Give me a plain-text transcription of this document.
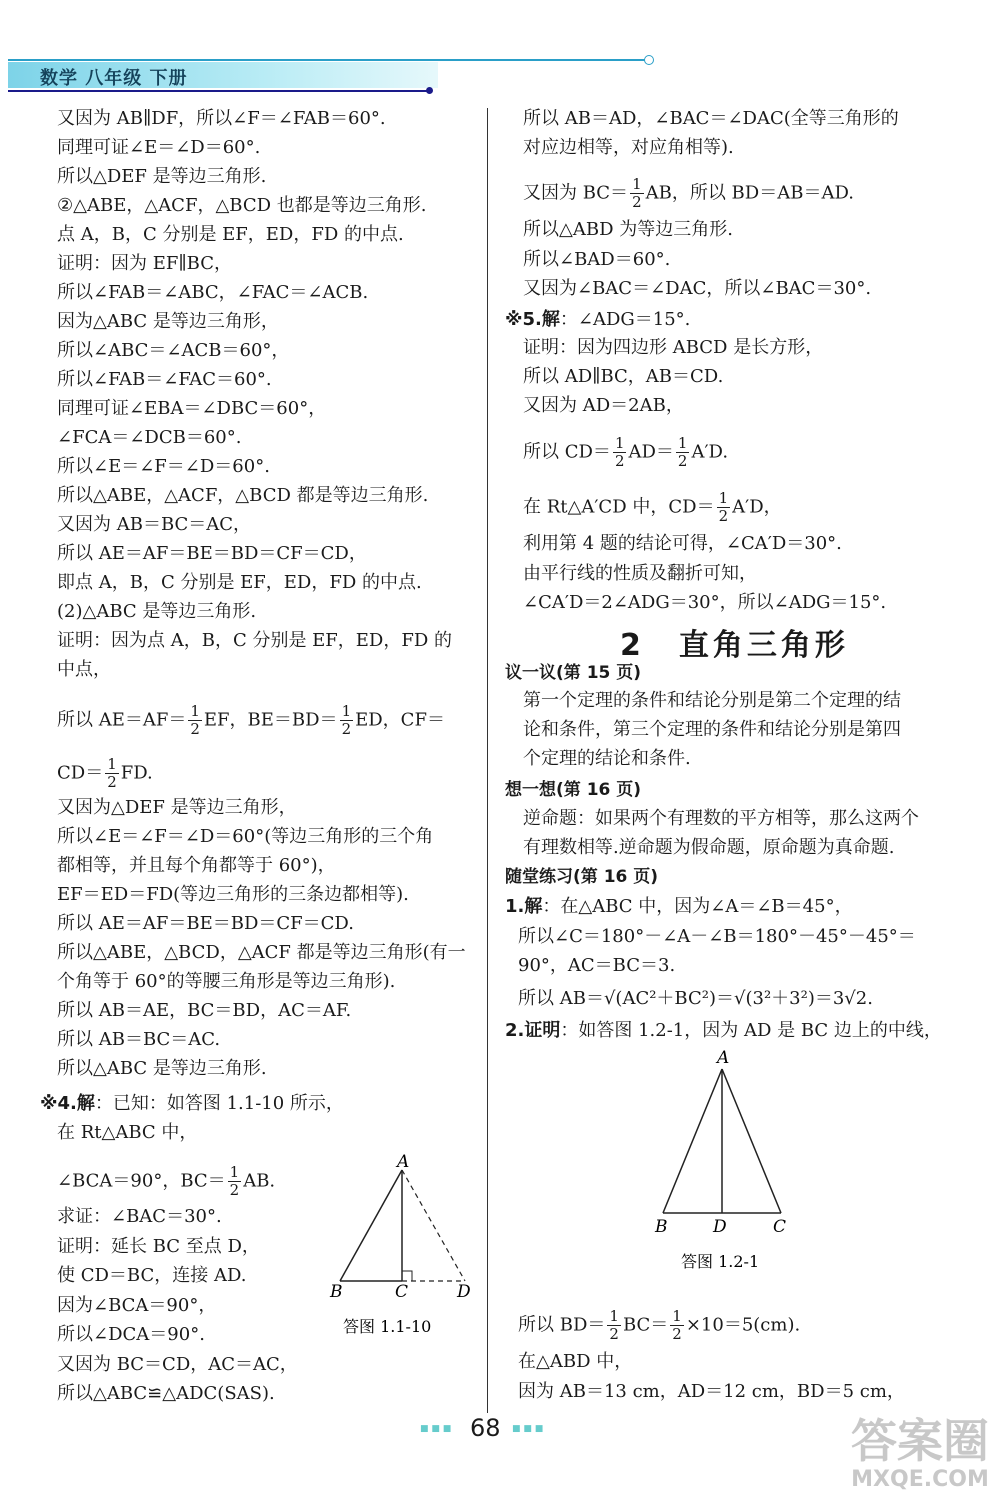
数学 八年级 下册
又因为 AB∥DF，所以∠F＝∠FAB＝60°.
同理可证∠E＝∠D＝60°.
所以△DEF 是等边三角形.
②△ABE，△ACF，△BCD 也都是等边三角形.
点 A，B，C 分别是 EF，ED，FD 的中点.
证明：因为 EF∥BC，
所以∠FAB＝∠ABC，∠FAC＝∠ACB.
因为△ABC 是等边三角形，
所以∠ABC＝∠ACB＝60°，
所以∠FAB＝∠FAC＝60°.
同理可证∠EBA＝∠DBC＝60°，
∠FCA＝∠DCB＝60°.
所以∠E＝∠F＝∠D＝60°.
所以△ABE，△ACF，△BCD 都是等边三角形.
又因为 AB＝BC＝AC，
所以 AE＝AF＝BE＝BD＝CF＝CD，
即点 A，B，C 分别是 EF，ED，FD 的中点.
(2)△ABC 是等边三角形.
证明：因为点 A，B，C 分别是 EF，ED，FD 的
中点，
所以 $AE=AF= \frac{1}{2}$ EF，$BE=BD= \frac{1}{2}$ ED，CF＝
$CD= \frac{1}{2}$ FD.
又因为△DEF 是等边三角形，
所以∠E＝∠F＝∠D＝60°(等边三角形的三个角
都相等，并且每个角都等于 60°)，
EF＝ED＝FD(等边三角形的三条边都相等).
所以 AE＝AF＝BE＝BD＝CF＝CD.
所以△ABE，△BCD，△ACF 都是等边三角形(有一
个角等于 60°的等腰三角形是等边三角形).
所以 AB＝AE，BC＝BD，AC＝AF.
所以 AB＝BC＝AC.
所以△ABC 是等边三角形.
※4.解：已知：如答图 1.1-10 所示，
在 Rt△ABC 中，
∠BCA＝90°，$BC= \frac{1}{2}$ AB.
求证：∠BAC＝30°.
证明：延长 BC 至点 D，
使 CD＝BC，连接 AD.
因为∠BCA＝90°，
所以∠DCA＝90°.
又因为 BC＝CD，AC＝AC，
所以△ABC≌△ADC(SAS).
A
B	C	D
答图 1.1-10
所以 AB＝AD，∠BAC＝∠DAC(全等三角形的
对应边相等，对应角相等).
又因为 $BC= \frac{1}{2}$ AB，所以 BD＝AB＝AD.
所以△ABD 为等边三角形.
所以∠BAD＝60°.
又因为∠BAC＝∠DAC，所以∠BAC＝30°.
※5.解：∠ADG＝15°.
证明：因为四边形 ABCD 是长方形，
所以 AD∥BC，AB＝CD.
又因为 AD＝2AB，
所以 $CD= \frac{1}{2} AD= \frac{1}{2} A'D$.
在 Rt△A′CD 中，$CD= \frac{1}{2} A'D$，
利用第 4 题的结论可得，∠CA′D＝30°.
由平行线的性质及翻折可知，
∠CA′D＝2∠ADG＝30°，所以∠ADG＝15°.
2　直角三角形
议一议(第 15 页)
第一个定理的条件和结论分别是第二个定理的结
论和条件，第三个定理的条件和结论分别是第四
个定理的结论和条件.
想一想(第 16 页)
逆命题：如果两个有理数的平方相等，那么这两个
有理数相等.逆命题为假命题，原命题为真命题.
随堂练习(第 16 页)
1.解：在△ABC 中，因为∠A＝∠B＝45°，
所以∠C＝180°－∠A－∠B＝180°－45°－45°＝
90°，AC＝BC＝3.
所以 AB＝√(AC²＋BC²)＝√(3²＋3²)＝3√2.
2.证明：如答图 1.2-1，因为 AD 是 BC 边上的中线，
A
B	D	C
答图 1.2-1
所以 $BD= \frac{1}{2} BC= \frac{1}{2} \times 10=5(cm)$.
在△ABD 中，
因为 AB＝13 cm，AD＝12 cm，BD＝5 cm，
■ ■ ■ 68 ■ ■ ■	答案圈
MXQE.COM
